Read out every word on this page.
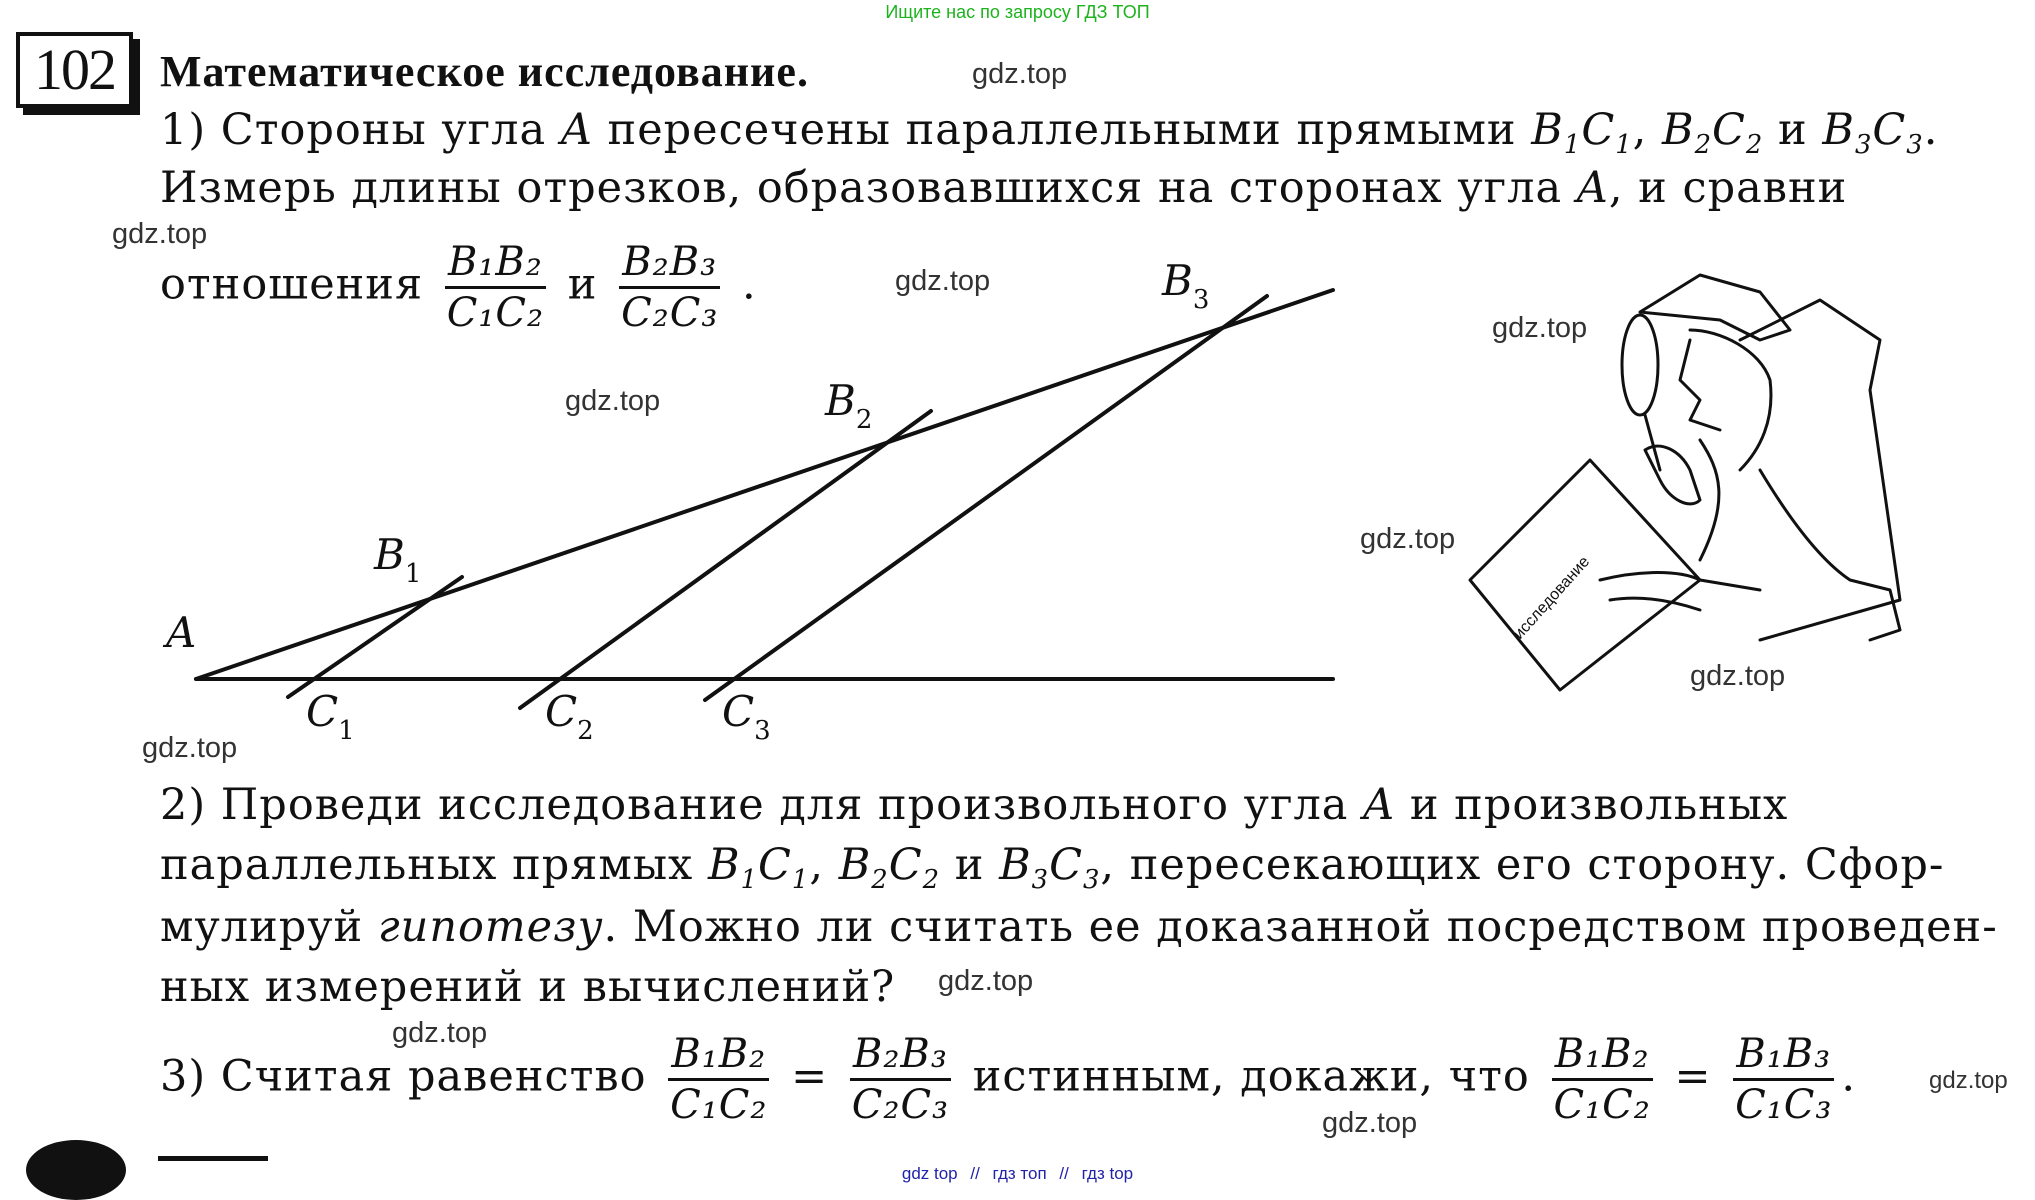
Ищите нас по запросу ГДЗ ТОП
102	Математическое исследование.
1) Стороны угла A пересечены параллельными прямыми $B_1C_1$, $B_2C_2$ и $B_3C_3$.
Измерь длины отрезков, образовавшихся на сторонах угла A, и сравни
отношения $\frac{\text{B₁B₂}}{\text{C₁C₂}}$ и $\frac{\text{B₂B₃}}{\text{C₂C₃}}$ .
исследование
A
$B_1$
$B_2$
$B_3$
$C_1$	$C_2$	$C_3$
2) Проведи исследование для произвольного угла A и произвольных
параллельных прямых $B_1C_1$, $B_2C_2$ и $B_3C_3$, пересекающих его сторону. Сфор-
мулируй гипотезу. Можно ли считать ее доказанной посредством проведен-
ных измерений и вычислений?
3) Считая равенство $\frac{\text{B₁B₂}}{\text{C₁C₂}} = \frac{\text{B₂B₃}}{\text{C₂C₃}}$ истинным, докажи, что $\frac{\text{B₁B₂}}{\text{C₁C₂}} = \frac{\text{B₁B₃}}{\text{C₁C₃}}$ .
gdz.top
gdz.top
gdz.top
gdz.top
gdz.top
gdz.top
gdz.top
gdz.top
gdz.top
gdz.top
gdz.top
gdz.top
gdz top // гдз топ // гдз top
